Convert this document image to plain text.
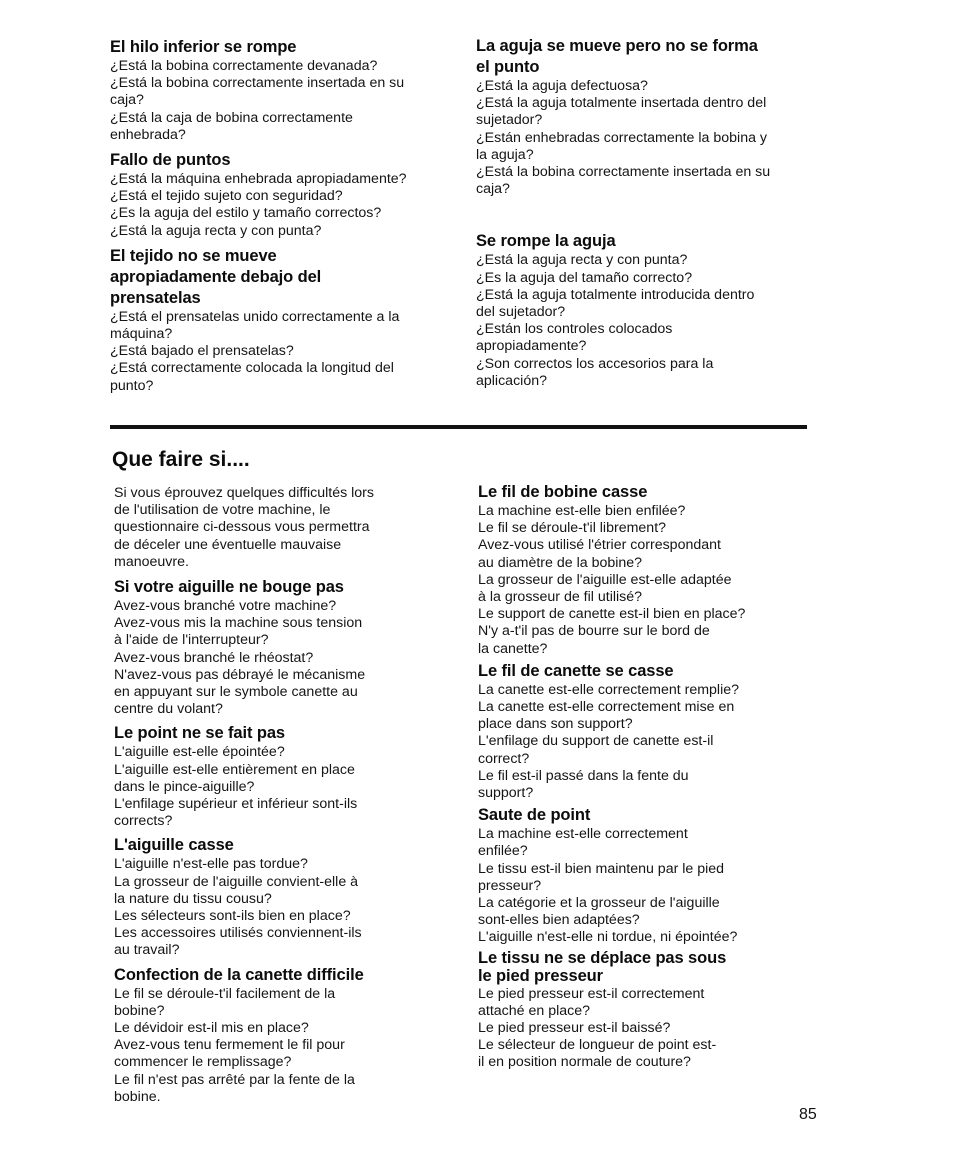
El hilo inferior se rompe
¿Está la bobina correctamente devanada?
¿Está la bobina correctamente insertada en su
caja?
¿Está la caja de bobina correctamente
enhebrada?
Fallo de puntos
¿Está la máquina enhebrada apropiadamente?
¿Está el tejido sujeto con seguridad?
¿Es la aguja del estilo y tamaño correctos?
¿Está la aguja recta y con punta?
El tejido no se mueve
apropiadamente debajo del
prensatelas
¿Está el prensatelas unido correctamente a la
máquina?
¿Está bajado el prensatelas?
¿Está correctamente colocada la longitud del
punto?
La aguja se mueve pero no se forma
el punto
¿Está la aguja defectuosa?
¿Está la aguja totalmente insertada dentro del
sujetador?
¿Están enhebradas correctamente la bobina y
la aguja?
¿Está la bobina correctamente insertada en su
caja?
Se rompe la aguja
¿Está la aguja recta y con punta?
¿Es la aguja del tamaño correcto?
¿Está la aguja totalmente introducida dentro
del sujetador?
¿Están los controles colocados
apropiadamente?
¿Son correctos los accesorios para la
aplicación?
Que faire si....
Si vous éprouvez quelques difficultés lors
de l'utilisation de votre machine, le
questionnaire ci-dessous vous permettra
de déceler une éventuelle mauvaise
manoeuvre.
Si votre aiguille ne bouge pas
Avez-vous branché votre machine?
Avez-vous mis la machine sous tension
à l'aide de l'interrupteur?
Avez-vous branché le rhéostat?
N'avez-vous pas débrayé le mécanisme
en appuyant sur le symbole canette au
centre du volant?
Le point ne se fait pas
L'aiguille est-elle épointée?
L'aiguille est-elle entièrement en place
dans le pince-aiguille?
L'enfilage supérieur et inférieur sont-ils
corrects?
L'aiguille casse
L'aiguille n'est-elle pas tordue?
La grosseur de l'aiguille convient-elle à
la nature du tissu cousu?
Les sélecteurs sont-ils bien en place?
Les accessoires utilisés conviennent-ils
au travail?
Confection de la canette difficile
Le fil se déroule-t'il facilement de la
bobine?
Le dévidoir est-il mis en place?
Avez-vous tenu fermement le fil pour
commencer le remplissage?
Le fil n'est pas arrêté par la fente de la
bobine.
Le fil de bobine casse
La machine est-elle bien enfilée?
Le fil se déroule-t'il librement?
Avez-vous utilisé l'étrier correspondant
au diamètre de la bobine?
La grosseur de l'aiguille est-elle adaptée
à la grosseur de fil utilisé?
Le support de canette est-il bien en place?
N'y a-t'il pas de bourre sur le bord de
la canette?
Le fil de canette se casse
La canette est-elle correctement remplie?
La canette est-elle correctement mise en
place dans son support?
L'enfilage du support de canette est-il
correct?
Le fil est-il passé dans la fente du
support?
Saute de point
La machine est-elle correctement
enfilée?
Le tissu est-il bien maintenu par le pied
presseur?
La catégorie et la grosseur de l'aiguille
sont-elles bien adaptées?
L'aiguille n'est-elle ni tordue, ni épointée?
Le tissu ne se déplace pas sous
le pied presseur
Le pied presseur est-il correctement
attaché en place?
Le pied presseur est-il baissé?
Le sélecteur de longueur de point est-
il en position normale de couture?
85
